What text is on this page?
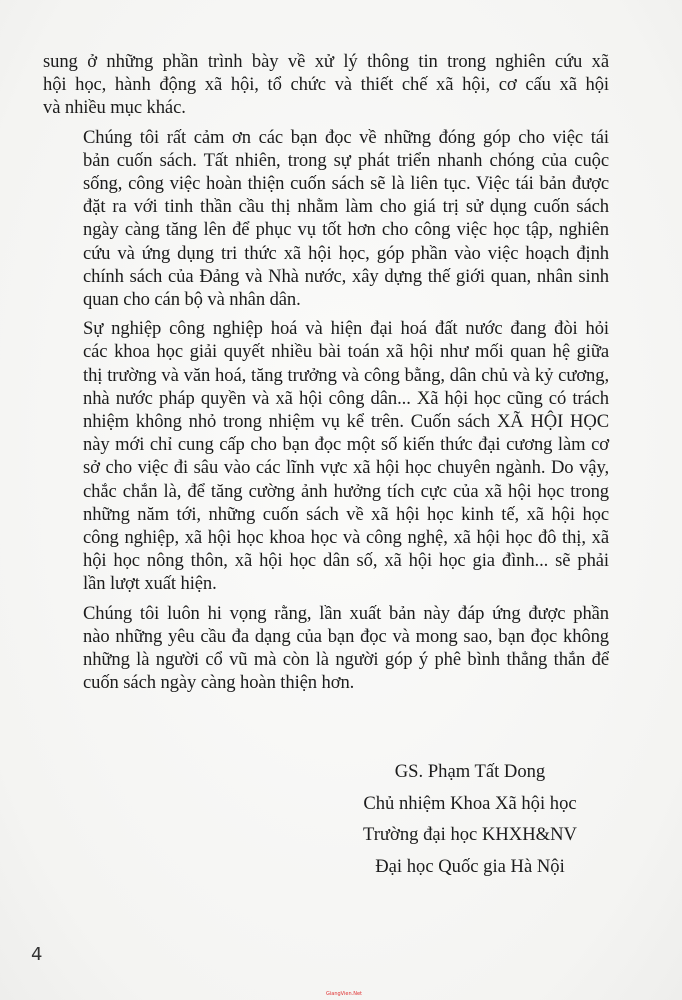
sung ở những phần trình bày về xử lý thông tin trong nghiên cứu xã
hội học, hành động xã hội, tổ chức và thiết chế xã hội, cơ cấu xã hội
và nhiều mục khác.

Chúng tôi rất cảm ơn các bạn đọc về những đóng góp cho việc tái
bản cuốn sách. Tất nhiên, trong sự phát triển nhanh chóng của cuộc
sống, công việc hoàn thiện cuốn sách sẽ là liên tục. Việc tái bản được
đặt ra với tinh thần cầu thị nhằm làm cho giá trị sử dụng cuốn sách
ngày càng tăng lên để phục vụ tốt hơn cho công việc học tập, nghiên
cứu và ứng dụng tri thức xã hội học, góp phần vào việc hoạch định
chính sách của Đảng và Nhà nước, xây dựng thế giới quan, nhân sinh
quan cho cán bộ và nhân dân.

Sự nghiệp công nghiệp hoá và hiện đại hoá đất nước đang đòi hỏi
các khoa học giải quyết nhiều bài toán xã hội như mối quan hệ giữa
thị trường và văn hoá, tăng trưởng và công bằng, dân chủ và kỷ cương,
nhà nước pháp quyền và xã hội công dân... Xã hội học cũng có trách
nhiệm không nhỏ trong nhiệm vụ kể trên. Cuốn sách XÃ HỘI HỌC
này mới chỉ cung cấp cho bạn đọc một số kiến thức đại cương làm cơ
sở cho việc đi sâu vào các lĩnh vực xã hội học chuyên ngành. Do vậy,
chắc chắn là, để tăng cường ảnh hưởng tích cực của xã hội học trong
những năm tới, những cuốn sách về xã hội học kinh tế, xã hội học
công nghiệp, xã hội học khoa học và công nghệ, xã hội học đô thị, xã
hội học nông thôn, xã hội học dân số, xã hội học gia đình... sẽ phải
lần lượt xuất hiện.

Chúng tôi luôn hi vọng rằng, lần xuất bản này đáp ứng được phần
nào những yêu cầu đa dạng của bạn đọc và mong sao, bạn đọc không
những là người cổ vũ mà còn là người góp ý phê bình thẳng thắn để
cuốn sách ngày càng hoàn thiện hơn.

GS. Phạm Tất Dong
Chủ nhiệm Khoa Xã hội học
Trường đại học KHXH&NV
Đại học Quốc gia Hà Nội
4
GiangVien.Net
